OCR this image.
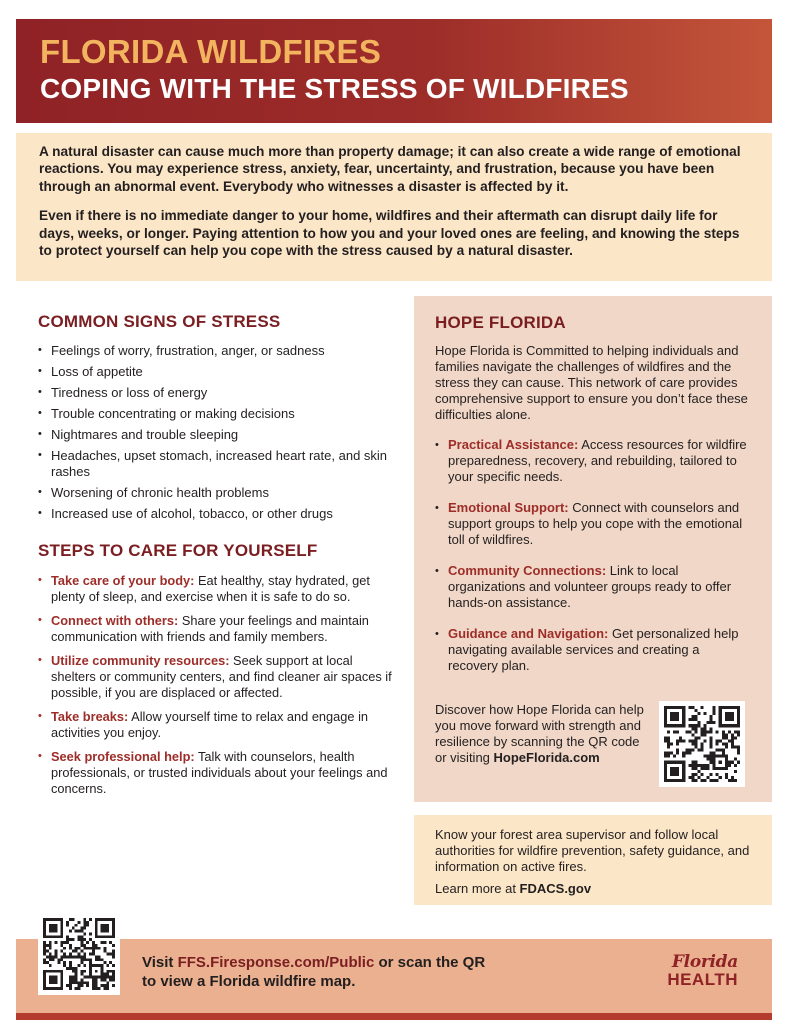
FLORIDA WILDFIRES
COPING WITH THE STRESS OF WILDFIRES

A natural disaster can cause much more than property damage; it can also create a wide range of emotional reactions. You may experience stress, anxiety, fear, uncertainty, and frustration, because you have been through an abnormal event. Everybody who witnesses a disaster is affected by it.

Even if there is no immediate danger to your home, wildfires and their aftermath can disrupt daily life for days, weeks, or longer. Paying attention to how you and your loved ones are feeling, and knowing the steps to protect yourself can help you cope with the stress caused by a natural disaster.

COMMON SIGNS OF STRESS
• Feelings of worry, frustration, anger, or sadness
• Loss of appetite
• Tiredness or loss of energy
• Trouble concentrating or making decisions
• Nightmares and trouble sleeping
• Headaches, upset stomach, increased heart rate, and skin rashes
• Worsening of chronic health problems
• Increased use of alcohol, tobacco, or other drugs
STEPS TO CARE FOR YOURSELF
• Take care of your body: Eat healthy, stay hydrated, get plenty of sleep, and exercise when it is safe to do so.
• Connect with others: Share your feelings and maintain communication with friends and family members.
• Utilize community resources: Seek support at local shelters or community centers, and find cleaner air spaces if possible, if you are displaced or affected.
• Take breaks: Allow yourself time to relax and engage in activities you enjoy.
• Seek professional help: Talk with counselors, health professionals, or trusted individuals about your feelings and concerns.
HOPE FLORIDA
Hope Florida is Committed to helping individuals and families navigate the challenges of wildfires and the stress they can cause. This network of care provides comprehensive support to ensure you don’t face these difficulties alone.
• Practical Assistance: Access resources for wildfire preparedness, recovery, and rebuilding, tailored to your specific needs.
• Emotional Support: Connect with counselors and support groups to help you cope with the emotional toll of wildfires.
• Community Connections: Link to local organizations and volunteer groups ready to offer hands-on assistance.
• Guidance and Navigation: Get personalized help navigating available services and creating a recovery plan.
Discover how Hope Florida can help you move forward with strength and resilience by scanning the QR code or visiting HopeFlorida.com
Know your forest area supervisor and follow local authorities for wildfire prevention, safety guidance, and information on active fires.
Learn more at FDACS.gov
Visit FFS.Firesponse.com/Public or scan the QR to view a Florida wildfire map.
Florida
HEALTH
